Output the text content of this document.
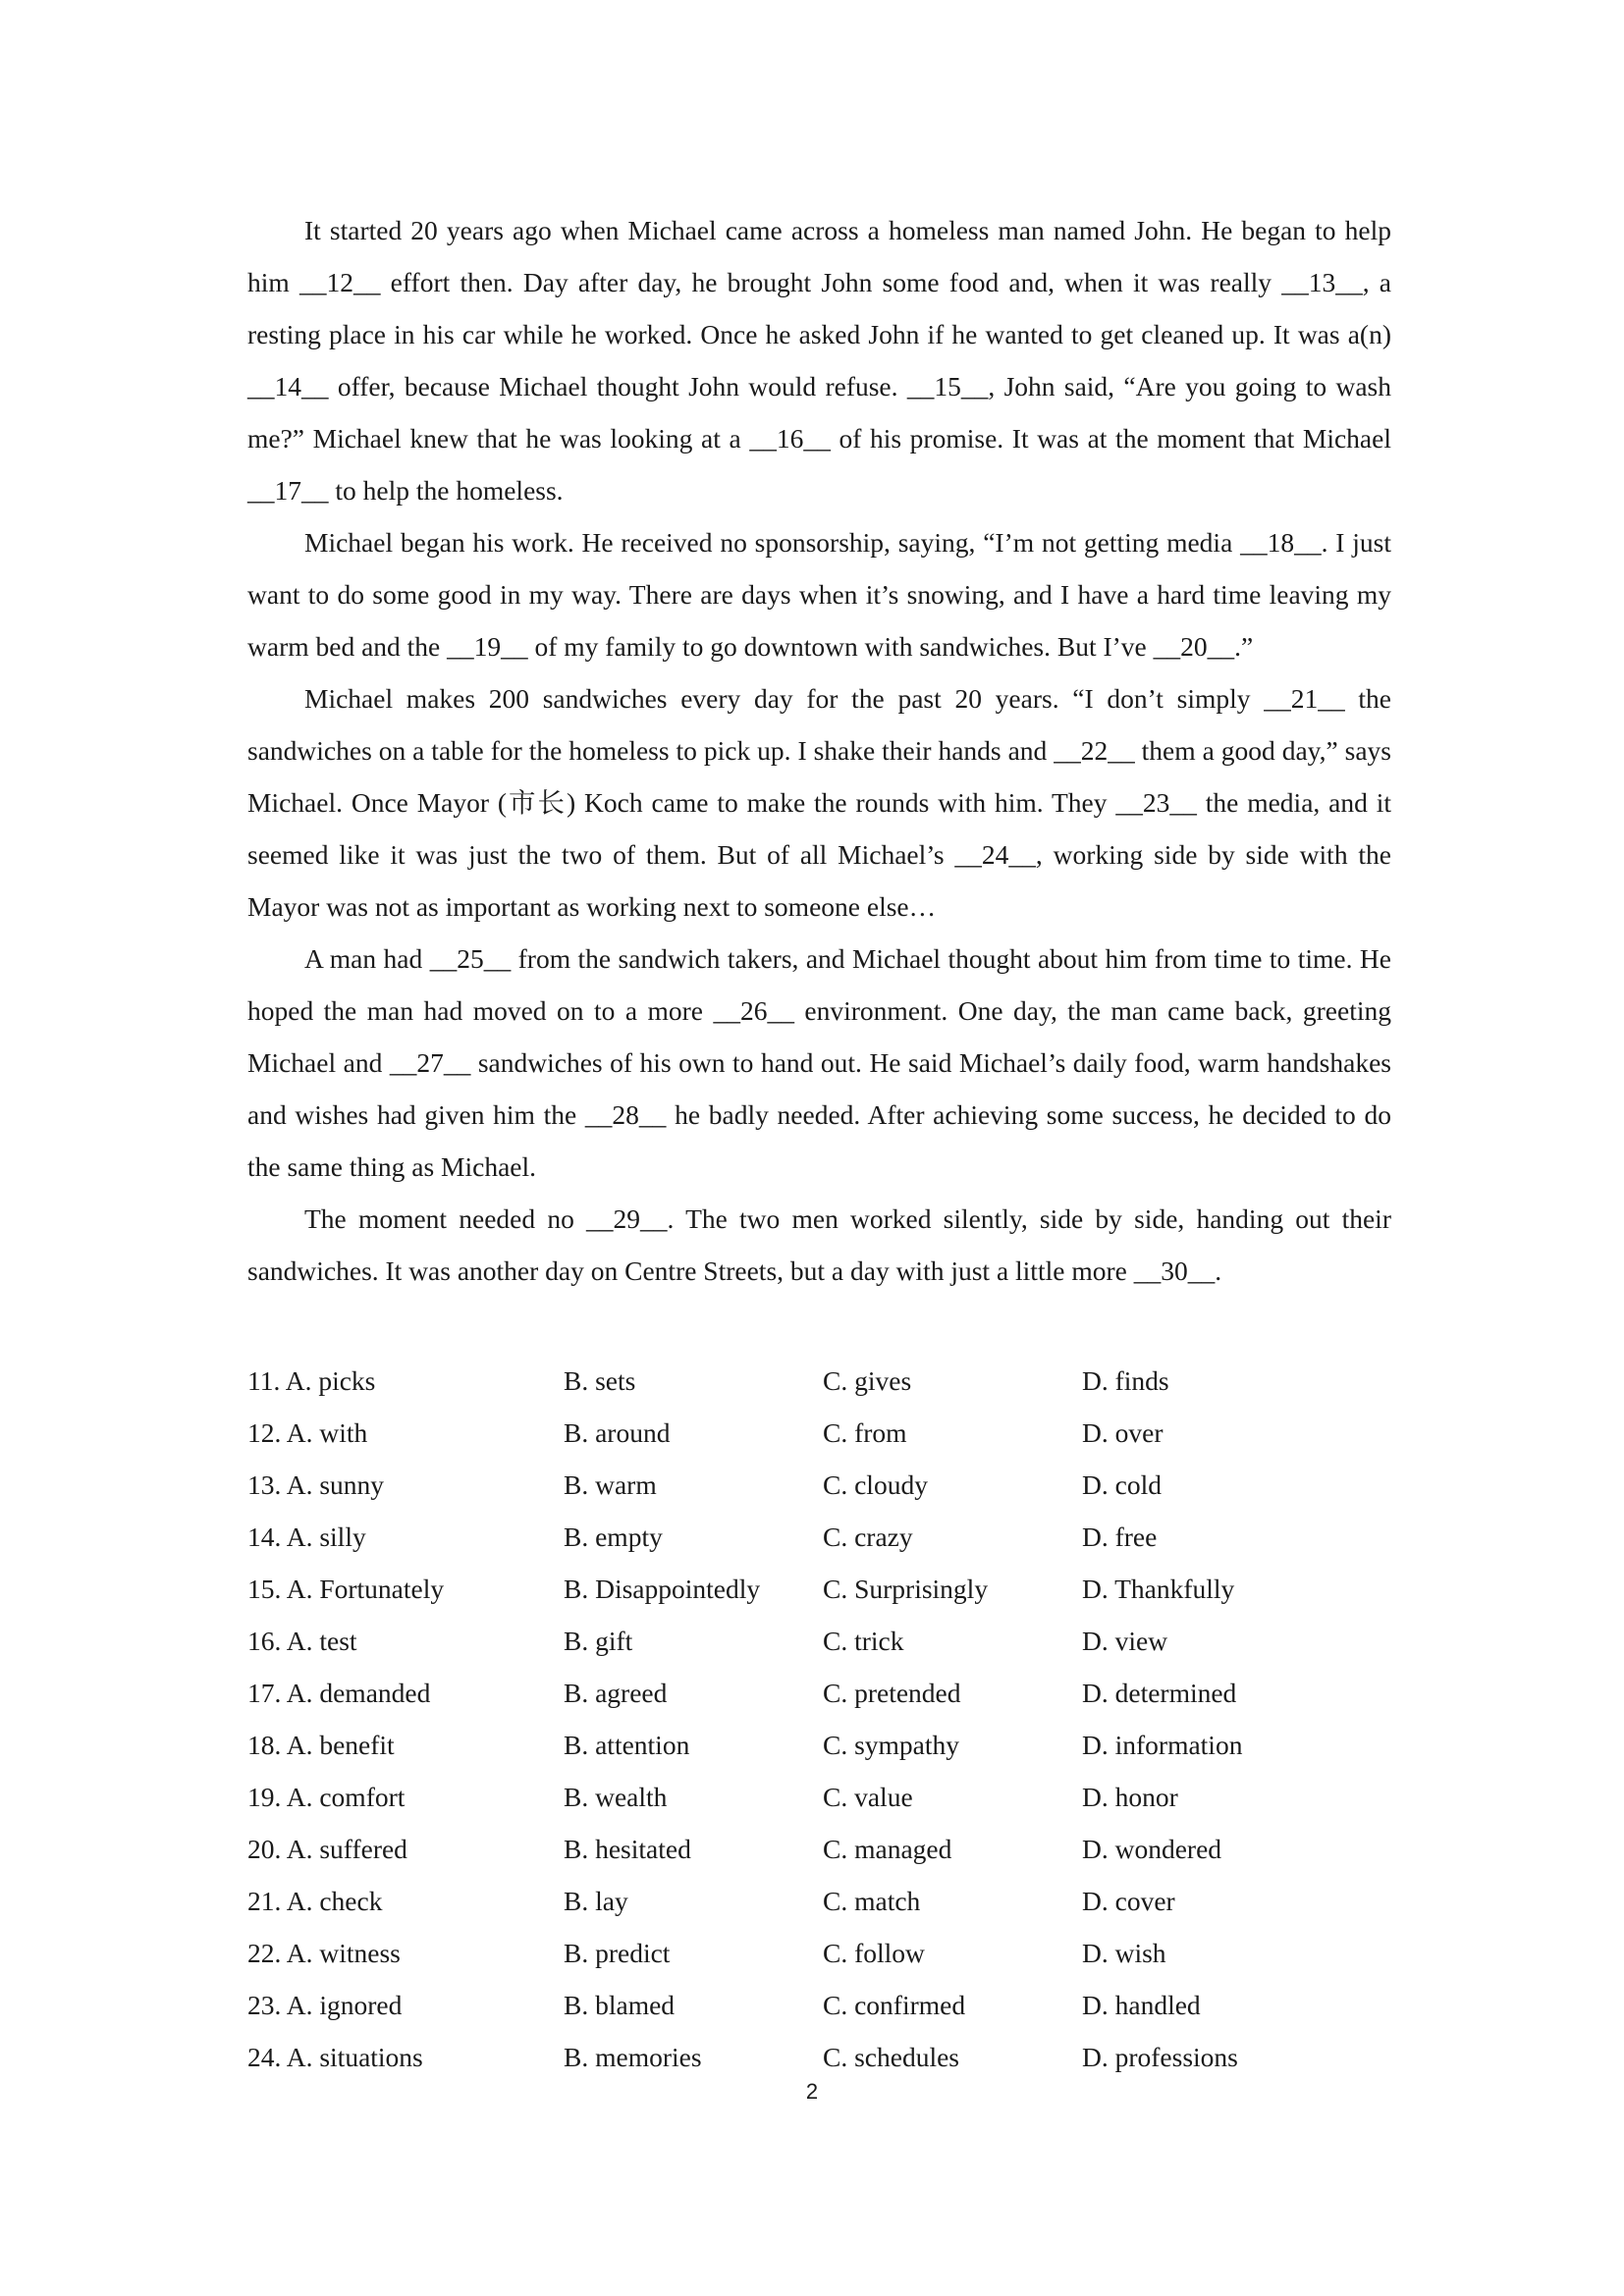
It started 20 years ago when Michael came across a homeless man named John. He began to help him __12__ effort then. Day after day, he brought John some food and, when it was really __13__, a resting place in his car while he worked. Once he asked John if he wanted to get cleaned up. It was a(n) __14__ offer, because Michael thought John would refuse. __15__, John said, “Are you going to wash me?” Michael knew that he was looking at a __16__ of his promise. It was at the moment that Michael __17__ to help the homeless.

Michael began his work. He received no sponsorship, saying, “I’m not getting media __18__. I just want to do some good in my way. There are days when it’s snowing, and I have a hard time leaving my warm bed and the __19__ of my family to go downtown with sandwiches. But I’ve __20__.”

Michael makes 200 sandwiches every day for the past 20 years. “I don’t simply __21__ the sandwiches on a table for the homeless to pick up. I shake their hands and __22__ them a good day,” says Michael. Once Mayor (市长) Koch came to make the rounds with him. They __23__ the media, and it seemed like it was just the two of them. But of all Michael’s __24__, working side by side with the Mayor was not as important as working next to someone else…

A man had __25__ from the sandwich takers, and Michael thought about him from time to time. He hoped the man had moved on to a more __26__ environment. One day, the man came back, greeting Michael and __27__ sandwiches of his own to hand out. He said Michael’s daily food, warm handshakes and wishes had given him the __28__ he badly needed. After achieving some success, he decided to do the same thing as Michael.

The moment needed no __29__. The two men worked silently, side by side, handing out their sandwiches. It was another day on Centre Streets, but a day with just a little more __30__.

11. A. picks	B. sets	C. gives	D. finds
12. A. with	B. around	C. from	D. over
13. A. sunny	B. warm	C. cloudy	D. cold
14. A. silly	B. empty	C. crazy	D. free
15. A. Fortunately	B. Disappointedly	C. Surprisingly	D. Thankfully
16. A. test	B. gift	C. trick	D. view
17. A. demanded	B. agreed	C. pretended	D. determined
18. A. benefit	B. attention	C. sympathy	D. information
19. A. comfort	B. wealth	C. value	D. honor
20. A. suffered	B. hesitated	C. managed	D. wondered
21. A. check	B. lay	C. match	D. cover
22. A. witness	B. predict	C. follow	D. wish
23. A. ignored	B. blamed	C. confirmed	D. handled
24. A. situations	B. memories	C. schedules	D. professions
2
